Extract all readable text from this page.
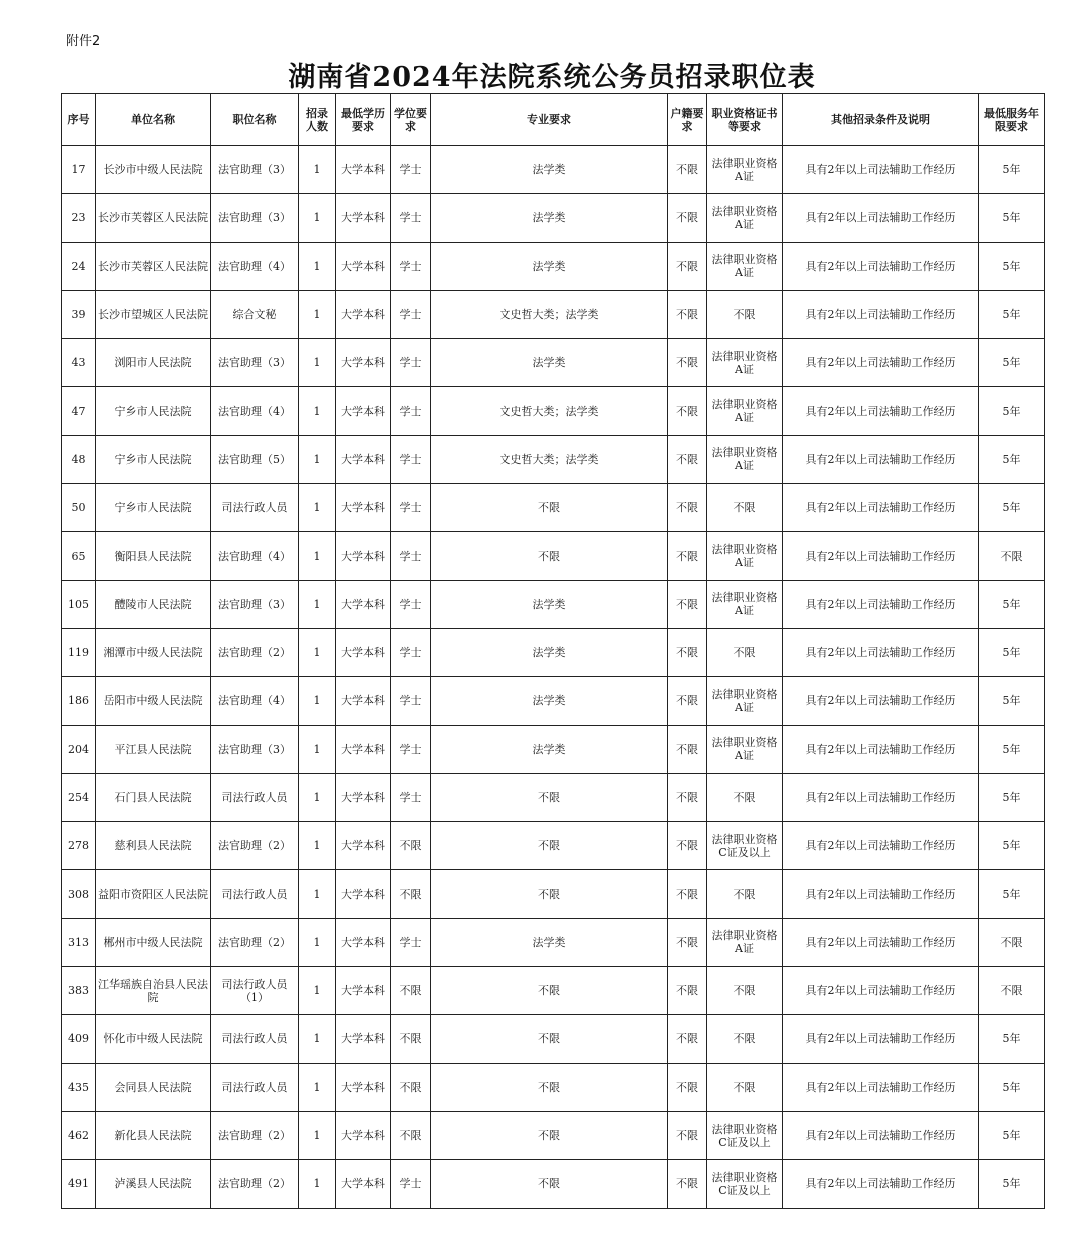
附件2
湖南省2024年法院系统公务员招录职位表
序号	单位名称	职位名称	招录人数	最低学历要求	学位要求	专业要求	户籍要求	职业资格证书等要求	其他招录条件及说明	最低服务年限要求
17	长沙市中级人民法院	法官助理（3）	1	大学本科	学士	法学类	不限	法律职业资格A证	具有2年以上司法辅助工作经历	5年
23	长沙市芙蓉区人民法院	法官助理（3）	1	大学本科	学士	法学类	不限	法律职业资格A证	具有2年以上司法辅助工作经历	5年
24	长沙市芙蓉区人民法院	法官助理（4）	1	大学本科	学士	法学类	不限	法律职业资格A证	具有2年以上司法辅助工作经历	5年
39	长沙市望城区人民法院	综合文秘	1	大学本科	学士	文史哲大类；法学类	不限	不限	具有2年以上司法辅助工作经历	5年
43	浏阳市人民法院	法官助理（3）	1	大学本科	学士	法学类	不限	法律职业资格A证	具有2年以上司法辅助工作经历	5年
47	宁乡市人民法院	法官助理（4）	1	大学本科	学士	文史哲大类；法学类	不限	法律职业资格A证	具有2年以上司法辅助工作经历	5年
48	宁乡市人民法院	法官助理（5）	1	大学本科	学士	文史哲大类；法学类	不限	法律职业资格A证	具有2年以上司法辅助工作经历	5年
50	宁乡市人民法院	司法行政人员	1	大学本科	学士	不限	不限	不限	具有2年以上司法辅助工作经历	5年
65	衡阳县人民法院	法官助理（4）	1	大学本科	学士	不限	不限	法律职业资格A证	具有2年以上司法辅助工作经历	不限
105	醴陵市人民法院	法官助理（3）	1	大学本科	学士	法学类	不限	法律职业资格A证	具有2年以上司法辅助工作经历	5年
119	湘潭市中级人民法院	法官助理（2）	1	大学本科	学士	法学类	不限	不限	具有2年以上司法辅助工作经历	5年
186	岳阳市中级人民法院	法官助理（4）	1	大学本科	学士	法学类	不限	法律职业资格A证	具有2年以上司法辅助工作经历	5年
204	平江县人民法院	法官助理（3）	1	大学本科	学士	法学类	不限	法律职业资格A证	具有2年以上司法辅助工作经历	5年
254	石门县人民法院	司法行政人员	1	大学本科	学士	不限	不限	不限	具有2年以上司法辅助工作经历	5年
278	慈利县人民法院	法官助理（2）	1	大学本科	不限	不限	不限	法律职业资格C证及以上	具有2年以上司法辅助工作经历	5年
308	益阳市资阳区人民法院	司法行政人员	1	大学本科	不限	不限	不限	不限	具有2年以上司法辅助工作经历	5年
313	郴州市中级人民法院	法官助理（2）	1	大学本科	学士	法学类	不限	法律职业资格A证	具有2年以上司法辅助工作经历	不限
383	江华瑶族自治县人民法院	司法行政人员（1）	1	大学本科	不限	不限	不限	不限	具有2年以上司法辅助工作经历	不限
409	怀化市中级人民法院	司法行政人员	1	大学本科	不限	不限	不限	不限	具有2年以上司法辅助工作经历	5年
435	会同县人民法院	司法行政人员	1	大学本科	不限	不限	不限	不限	具有2年以上司法辅助工作经历	5年
462	新化县人民法院	法官助理（2）	1	大学本科	不限	不限	不限	法律职业资格C证及以上	具有2年以上司法辅助工作经历	5年
491	泸溪县人民法院	法官助理（2）	1	大学本科	学士	不限	不限	法律职业资格C证及以上	具有2年以上司法辅助工作经历	5年
